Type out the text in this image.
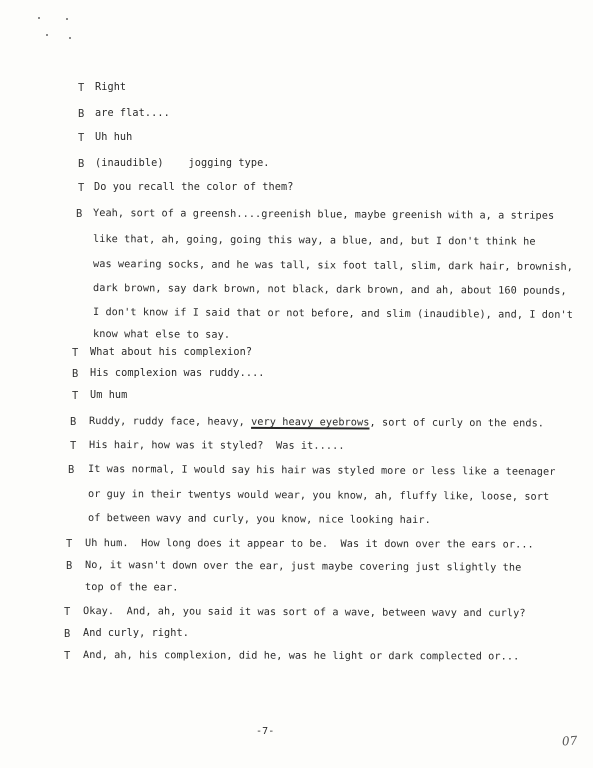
T Right
B are flat....
T Uh huh
B (inaudible)    jogging type.
T Do you recall the color of them?
B Yeah, sort of a greensh....greenish blue, maybe greenish with a, a stripes
like that, ah, going, going this way, a blue, and, but I don't think he
was wearing socks, and he was tall, six foot tall, slim, dark hair, brownish,
dark brown, say dark brown, not black, dark brown, and ah, about 160 pounds,
I don't know if I said that or not before, and slim (inaudible), and, I don't
know what else to say.
T What about his complexion?
B His complexion was ruddy....
T Um hum
B Ruddy, ruddy face, heavy, very heavy eyebrows, sort of curly on the ends.
T His hair, how was it styled?  Was it.....
B It was normal, I would say his hair was styled more or less like a teenager
or guy in their twentys would wear, you know, ah, fluffy like, loose, sort
of between wavy and curly, you know, nice looking hair.
T Uh hum.  How long does it appear to be.  Was it down over the ears or...
B No, it wasn't down over the ear, just maybe covering just slightly the
top of the ear.
T Okay.  And, ah, you said it was sort of a wave, between wavy and curly?
B And curly, right.
T And, ah, his complexion, did he, was he light or dark complected or...
-7-
07
